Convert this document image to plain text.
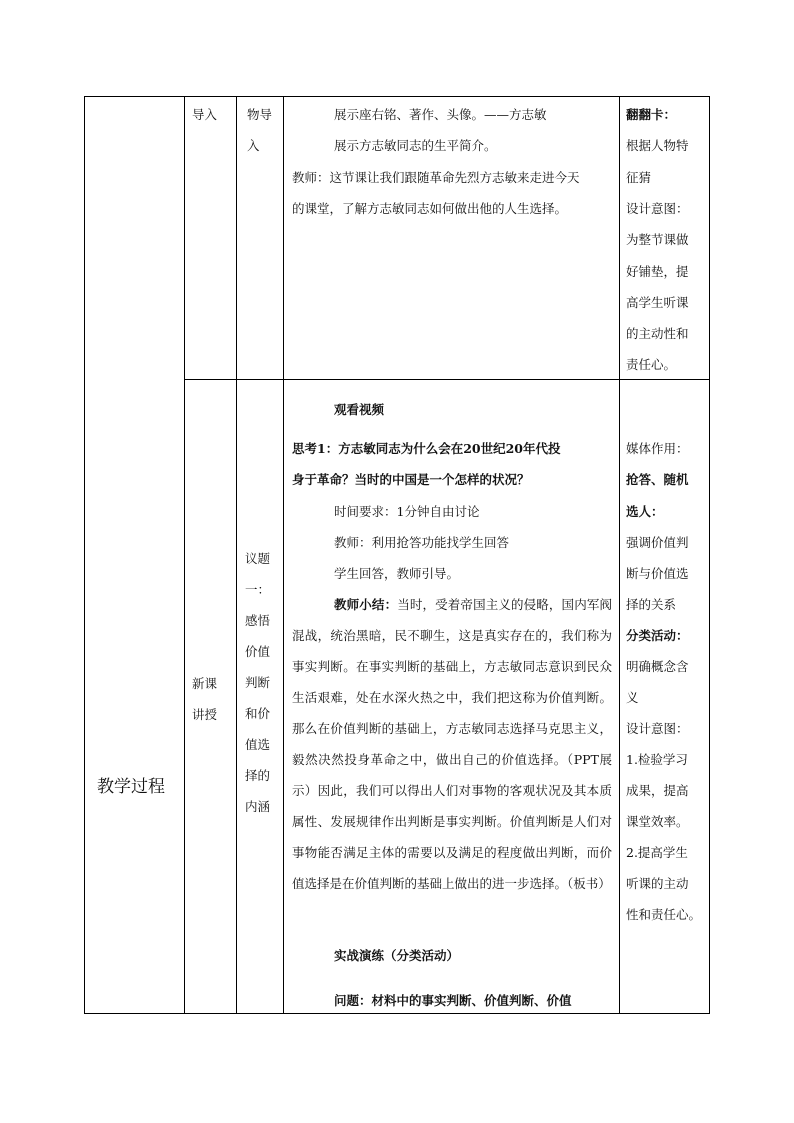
教学过程
导入 物导
入
展示座右铭、著作、头像。——方志敏
展示方志敏同志的生平简介。
教师：这节课让我们跟随革命先烈方志敏来走进今天
的课堂，了解方志敏同志如何做出他的人生选择。
翻翻卡：
根据人物特
征猜
设计意图：
为整节课做
好铺垫，提
高学生听课
的主动性和
责任心。
新课
讲授
议题
一：
感悟
价值
判断
和价
值选
择的
内涵
观看视频
思考1：方志敏同志为什么会在20世纪20年代投
身于革命？当时的中国是一个怎样的状况？
时间要求：1分钟自由讨论
教师：利用抢答功能找学生回答
学生回答，教师引导。
教师小结：当时，受着帝国主义的侵略，国内军阀混战，统治黑暗，民不聊生，这是真实存在的，我们称为事实判断。在事实判断的基础上，方志敏同志意识到民众生活艰难，处在水深火热之中，我们把这称为价值判断。那么在价值判断的基础上，方志敏同志选择马克思主义，毅然决然投身革命之中，做出自己的价值选择。（PPT展示）因此，我们可以得出人们对事物的客观状况及其本质属性、发展规律作出判断是事实判断。价值判断是人们对事物能否满足主体的需要以及满足的程度做出判断，而价值选择是在价值判断的基础上做出的进一步选择。（板书）
实战演练（分类活动）
问题：材料中的事实判断、价值判断、价值
媒体作用：
抢答、随机
选人：
强调价值判
断与价值选
择的关系
分类活动：
明确概念含
义
设计意图：
1.检验学习
成果，提高
课堂效率。
2.提高学生
听课的主动
性和责任心。
